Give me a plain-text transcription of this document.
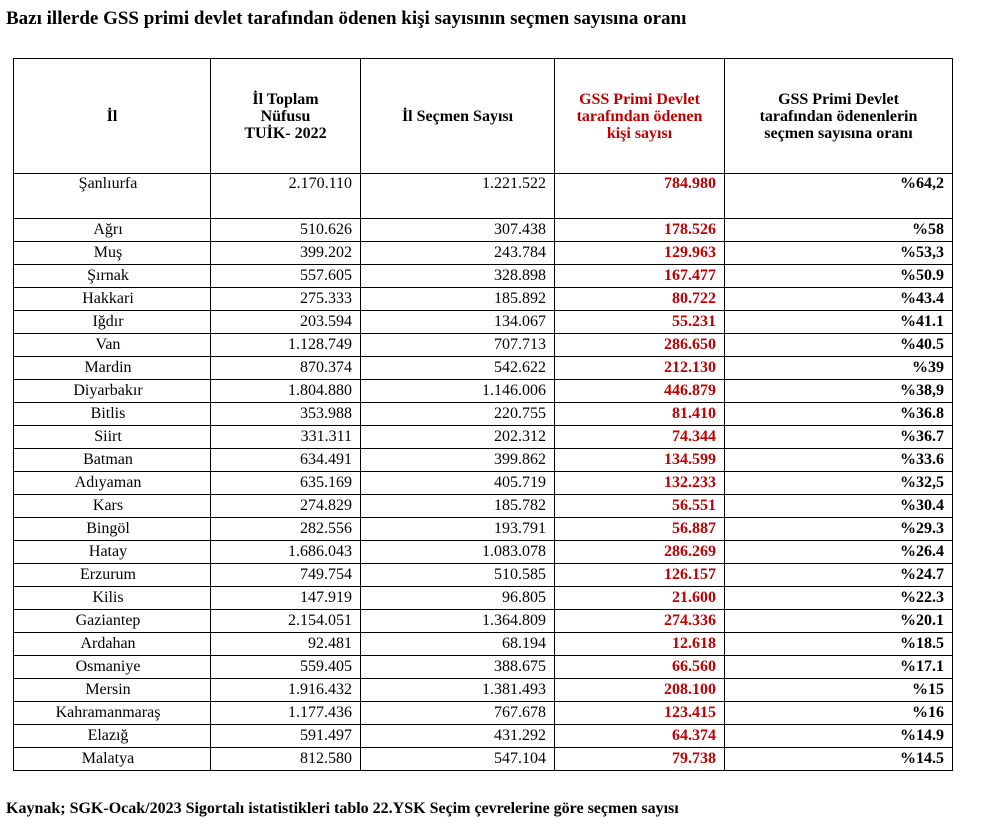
Bazı illerde GSS primi devlet tarafından ödenen kişi sayısının seçmen sayısına oranı
İl	İl Toplam Nüfusu TUİK- 2022	İl Seçmen Sayısı	GSS Primi Devlet tarafından ödenen kişi sayısı	GSS Primi Devlet tarafından ödenenlerin seçmen sayısına oranı
Şanlıurfa	2.170.110	1.221.522	784.980	%64,2
Ağrı	510.626	307.438	178.526	%58
Muş	399.202	243.784	129.963	%53,3
Şırnak	557.605	328.898	167.477	%50.9
Hakkari	275.333	185.892	80.722	%43.4
Iğdır	203.594	134.067	55.231	%41.1
Van	1.128.749	707.713	286.650	%40.5
Mardin	870.374	542.622	212.130	%39
Diyarbakır	1.804.880	1.146.006	446.879	%38,9
Bitlis	353.988	220.755	81.410	%36.8
Siirt	331.311	202.312	74.344	%36.7
Batman	634.491	399.862	134.599	%33.6
Adıyaman	635.169	405.719	132.233	%32,5
Kars	274.829	185.782	56.551	%30.4
Bingöl	282.556	193.791	56.887	%29.3
Hatay	1.686.043	1.083.078	286.269	%26.4
Erzurum	749.754	510.585	126.157	%24.7
Kilis	147.919	96.805	21.600	%22.3
Gaziantep	2.154.051	1.364.809	274.336	%20.1
Ardahan	92.481	68.194	12.618	%18.5
Osmaniye	559.405	388.675	66.560	%17.1
Mersin	1.916.432	1.381.493	208.100	%15
Kahramanmaraş	1.177.436	767.678	123.415	%16
Elazığ	591.497	431.292	64.374	%14.9
Malatya	812.580	547.104	79.738	%14.5
Kaynak; SGK-Ocak/2023 Sigortalı istatistikleri tablo 22.YSK Seçim çevrelerine göre seçmen sayısı
